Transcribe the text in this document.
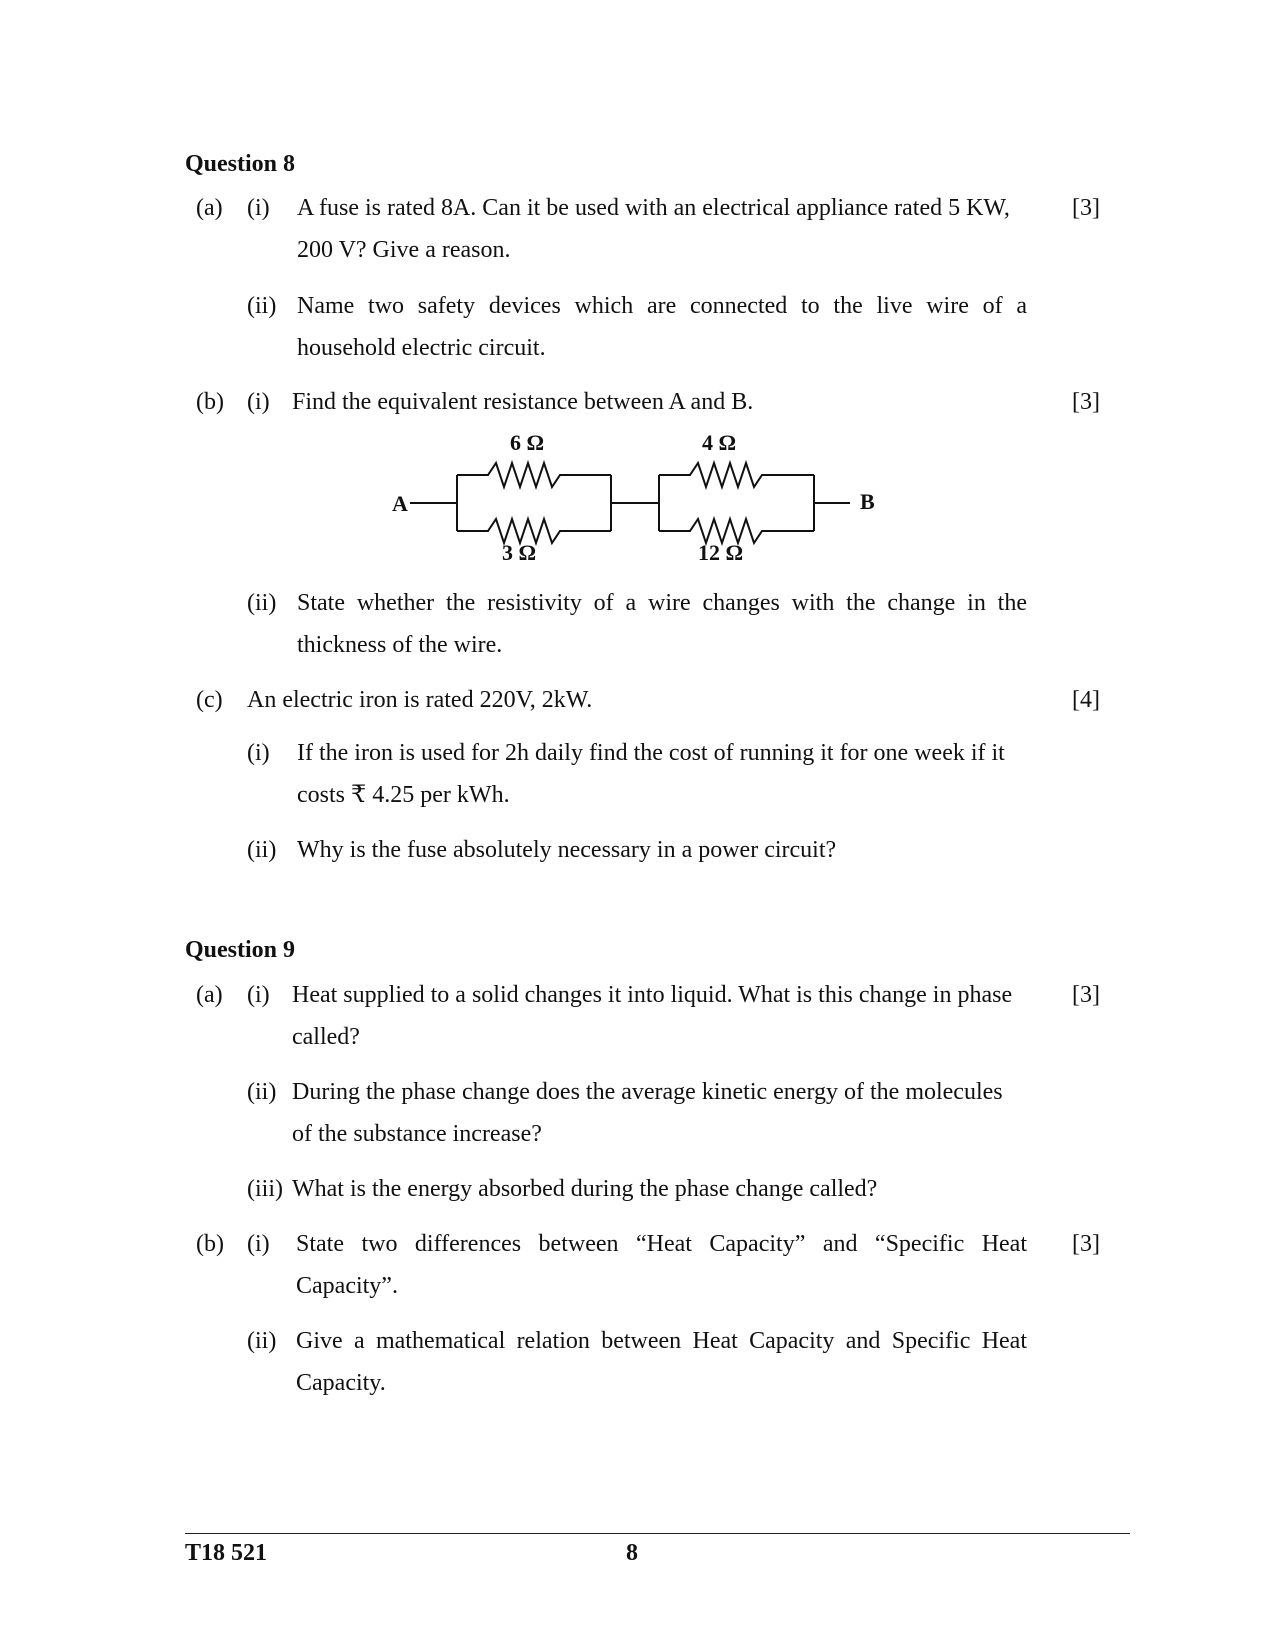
Question 8
(a) (i) A fuse is rated 8A. Can it be used with an electrical appliance rated 5 KW,
200 V? Give a reason.
[3]
(ii) Name two safety devices which are connected to the live wire of a
household electric circuit.
(b) (i) Find the equivalent resistance between A and B.	[3]
6 Ω
3 Ω
4 Ω
12 Ω
A	B
(ii) State whether the resistivity of a wire changes with the change in the
thickness of the wire.
(c) An electric iron is rated 220V, 2kW.	[4]
(i) If the iron is used for 2h daily find the cost of running it for one week if it
costs ₹ 4.25 per kWh.
(ii) Why is the fuse absolutely necessary in a power circuit?
Question 9
(a) (i) Heat supplied to a solid changes it into liquid. What is this change in phase
called?
[3]
(ii) During the phase change does the average kinetic energy of the molecules
of the substance increase?
(iii) What is the energy absorbed during the phase change called?
(b) (i) State two differences between “Heat Capacity” and “Specific Heat
Capacity”.
[3]
(ii) Give a mathematical relation between Heat Capacity and Specific Heat
Capacity.
T18 521	8
